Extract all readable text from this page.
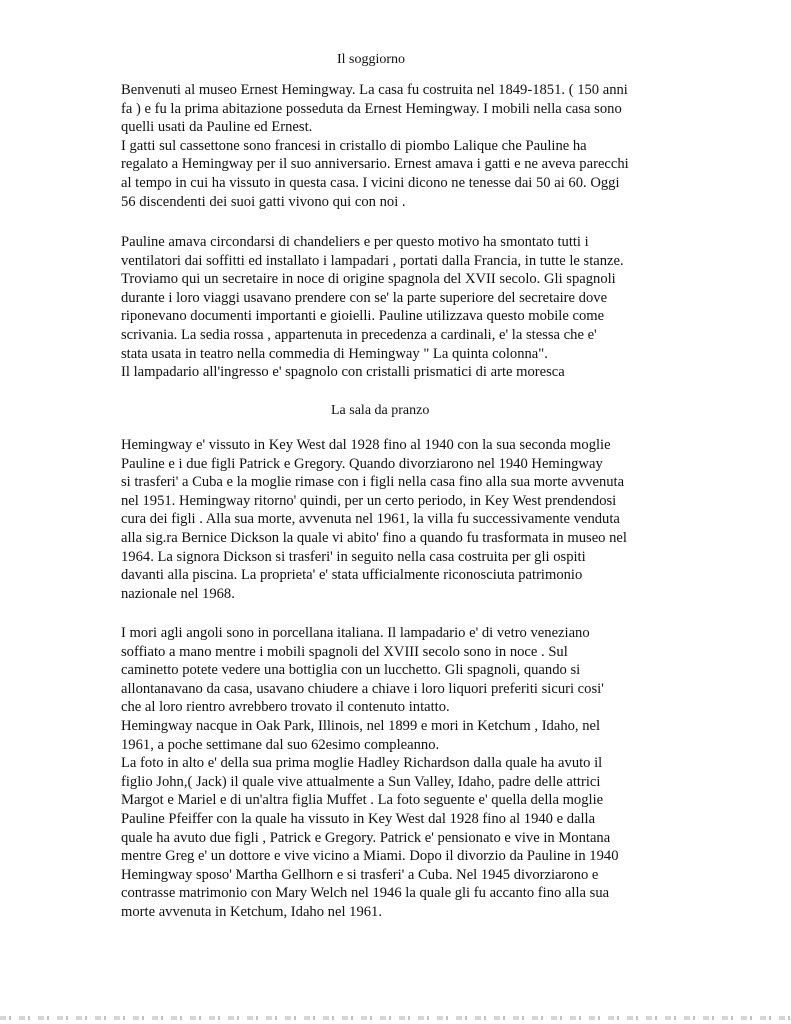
Il soggiorno
Benvenuti al museo Ernest Hemingway. La casa fu costruita nel 1849-1851. ( 150 anni
fa ) e fu la prima abitazione posseduta da Ernest Hemingway. I mobili nella casa sono
quelli usati da Pauline ed Ernest.
I gatti sul cassettone sono francesi in cristallo di piombo Lalique che Pauline ha
regalato a Hemingway per il suo anniversario. Ernest amava i gatti e ne aveva parecchi
al tempo in cui ha vissuto in questa casa. I vicini dicono ne tenesse dai 50 ai 60. Oggi
56 discendenti dei suoi gatti vivono qui con noi .
Pauline amava circondarsi di chandeliers e per questo motivo ha smontato tutti i
ventilatori dai soffitti ed installato i lampadari , portati dalla Francia, in tutte le stanze.
Troviamo qui un secretaire in noce di origine spagnola del XVII secolo. Gli spagnoli
durante i loro viaggi usavano prendere con se' la parte superiore del secretaire dove
riponevano documenti importanti e gioielli. Pauline utilizzava questo mobile come
scrivania. La sedia rossa , appartenuta in precedenza a cardinali, e' la stessa che e'
stata usata in teatro nella commedia di Hemingway " La quinta colonna".
Il lampadario all'ingresso e' spagnolo con cristalli prismatici di arte moresca
La sala da pranzo
Hemingway e' vissuto in Key West dal 1928 fino al 1940 con la sua seconda moglie
Pauline e i due figli Patrick e Gregory. Quando divorziarono nel 1940 Hemingway
si trasferi' a Cuba e la moglie rimase con i figli nella casa fino alla sua morte avvenuta
nel 1951. Hemingway ritorno' quindi, per un certo periodo, in Key West prendendosi
cura dei figli . Alla sua morte, avvenuta nel 1961, la villa fu successivamente venduta
alla sig.ra Bernice Dickson la quale vi abito' fino a quando fu trasformata in museo nel
1964. La signora Dickson si trasferi' in seguito nella casa costruita per gli ospiti
davanti alla piscina. La proprieta' e' stata ufficialmente riconosciuta patrimonio
nazionale nel 1968.
I mori agli angoli sono in porcellana italiana. Il lampadario e' di vetro veneziano
soffiato a mano mentre i mobili spagnoli del XVIII secolo sono in noce . Sul
caminetto potete vedere una bottiglia con un lucchetto. Gli spagnoli, quando si
allontanavano da casa, usavano chiudere a chiave i loro liquori preferiti sicuri cosi'
che al loro rientro avrebbero trovato il contenuto intatto.
Hemingway nacque in Oak Park, Illinois, nel 1899 e mori in Ketchum , Idaho, nel
1961, a poche settimane dal suo 62esimo compleanno.
La foto in alto e' della sua prima moglie Hadley Richardson dalla quale ha avuto il
figlio John,( Jack) il quale vive attualmente a Sun Valley, Idaho, padre delle attrici
Margot e Mariel e di un'altra figlia Muffet . La foto seguente e' quella della moglie
Pauline Pfeiffer con la quale ha vissuto in Key West dal 1928 fino al 1940 e dalla
quale ha avuto due figli , Patrick e Gregory. Patrick e' pensionato e vive in Montana
mentre Greg e' un dottore e vive vicino a Miami. Dopo il divorzio da Pauline in 1940
Hemingway sposo' Martha Gellhorn e si trasferi' a Cuba. Nel 1945 divorziarono e
contrasse matrimonio con Mary Welch nel 1946 la quale gli fu accanto fino alla sua
morte avvenuta in Ketchum, Idaho nel 1961.
